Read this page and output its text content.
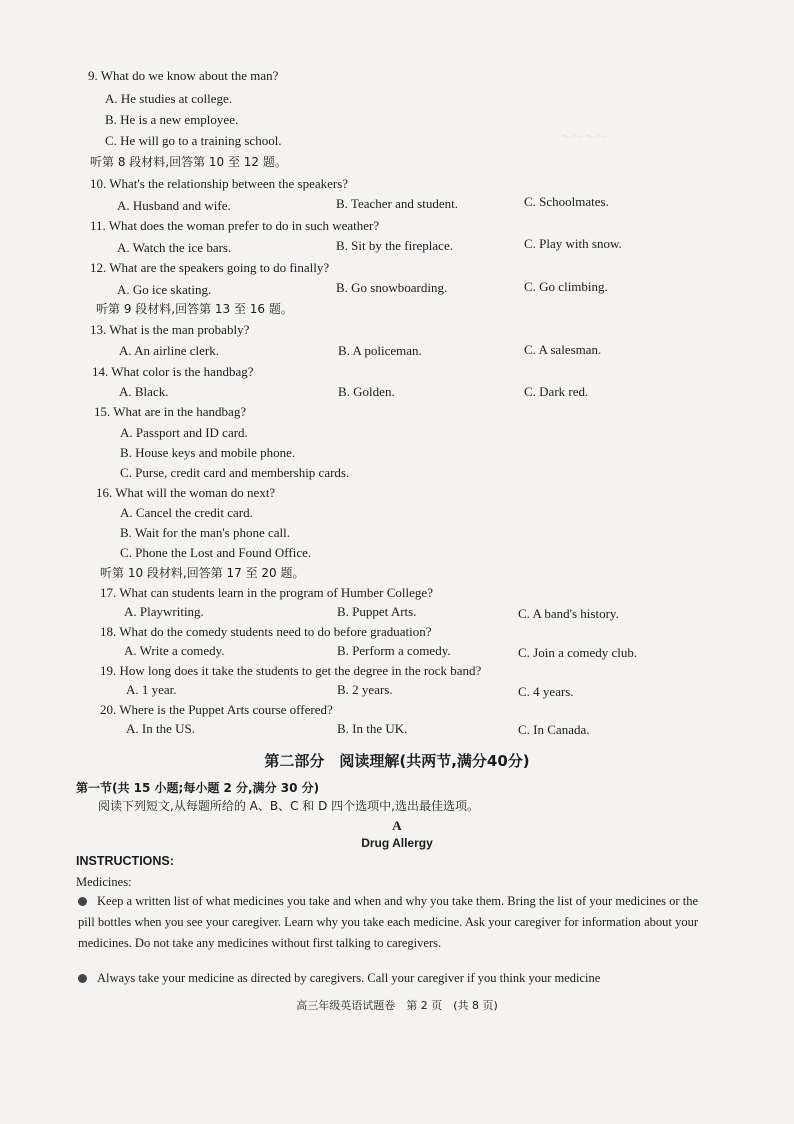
～～～～
9. What do we know about the man?
A. He studies at college.
B. He is a new employee.
C. He will go to a training school.
听第 8 段材料,回答第 10 至 12 题。
10. What's the relationship between the speakers?
A. Husband and wife.	B. Teacher and student.	C. Schoolmates.
11. What does the woman prefer to do in such weather?
A. Watch the ice bars.	B. Sit by the fireplace.	C. Play with snow.
12. What are the speakers going to do finally?
A. Go ice skating.	B. Go snowboarding.	C. Go climbing.
听第 9 段材料,回答第 13 至 16 题。
13. What is the man probably?
A. An airline clerk.	B. A policeman.	C. A salesman.
14. What color is the handbag?
A. Black.	B. Golden.	C. Dark red.
15. What are in the handbag?
A. Passport and ID card.
B. House keys and mobile phone.
C. Purse, credit card and membership cards.
16. What will the woman do next?
A. Cancel the credit card.
B. Wait for the man's phone call.
C. Phone the Lost and Found Office.
听第 10 段材料,回答第 17 至 20 题。
17. What can students learn in the program of Humber College?
A. Playwriting.	B. Puppet Arts.	C. A band's history.
18. What do the comedy students need to do before graduation?
A. Write a comedy.	B. Perform a comedy.	C. Join a comedy club.
19. How long does it take the students to get the degree in the rock band?
A. 1 year.	B. 2 years.	C. 4 years.
20. Where is the Puppet Arts course offered?
A. In the US.	B. In the UK.	C. In Canada.
第二部分　阅读理解(共两节,满分40分)
第一节(共 15 小题;每小题 2 分,满分 30 分)
阅读下列短文,从每题所给的 A、B、C 和 D 四个选项中,选出最佳选项。
A
Drug Allergy
INSTRUCTIONS:
Medicines:
Keep a written list of what medicines you take and when and why you take them. Bring the list of your medicines or the pill bottles when you see your caregiver. Learn why you take each medicine. Ask your caregiver for information about your medicines. Do not take any medicines without first talking to caregivers.
Always take your medicine as directed by caregivers. Call your caregiver if you think your medicine
高三年级英语试题卷　第 2 页　(共 8 页)
